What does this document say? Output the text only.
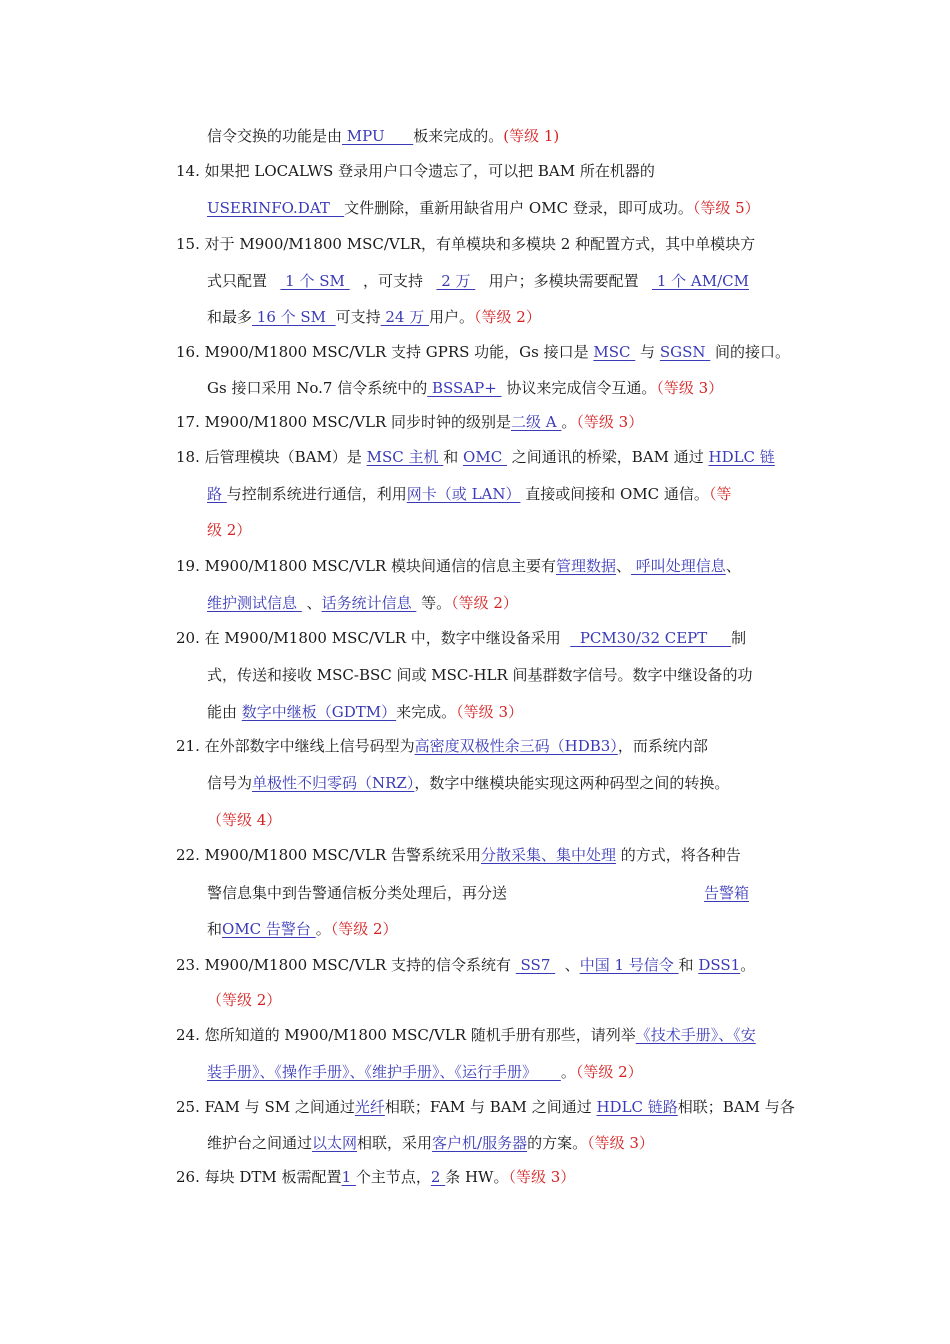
信令交换的功能是由 MPU      板来完成的。(等级 1)
14. 如果把 LOCALWS 登录用户口令遗忘了，可以把 BAM 所在机器的
USERINFO.DAT   文件删除，重新用缺省用户 OMC 登录，即可成功。（等级 5）
15. 对于 M900/M1800 MSC/VLR，有单模块和多模块 2 种配置方式，其中单模块方
式只配置 1 个 SM ，可支持 2 万 用户；多模块需要配置 1 个 AM/CM
和最多 16 个 SM  可支持 24 万 用户。（等级 2）
16. M900/M1800 MSC/VLR 支持 GPRS 功能，Gs 接口是 MSC  与 SGSN  间的接口。
Gs 接口采用 No.7 信令系统中的 BSSAP+  协议来完成信令互通。（等级 3）
17. M900/M1800 MSC/VLR 同步时钟的级别是二级 A 。（等级 3）
18. 后管理模块（BAM）是 MSC 主机 和 OMC  之间通讯的桥梁，BAM 通过 HDLC 链
路 与控制系统进行通信，利用网卡（或 LAN） 直接或间接和 OMC 通信。（等
级 2）
19. M900/M1800 MSC/VLR 模块间通信的信息主要有管理数据、 呼叫处理信息、
维护测试信息  、话务统计信息  等。（等级 2）
20. 在 M900/M1800 MSC/VLR 中，数字中继设备采用    PCM30/32 CEPT     制
式，传送和接收 MSC-BSC 间或 MSC-HLR 间基群数字信号。数字中继设备的功
能由 数字中继板（GDTM）来完成。（等级 3）
21. 在外部数字中继线上信号码型为高密度双极性余三码（HDB3），而系统内部
信号为单极性不归零码（NRZ），数字中继模块能实现这两种码型之间的转换。
（等级 4）
22. M900/M1800 MSC/VLR 告警系统采用分散采集、集中处理 的方式，将各种告
警信息集中到告警通信板分类处理后，再分送	告警箱
和OMC 告警台 。（等级 2）
23. M900/M1800 MSC/VLR 支持的信令系统有  SS7   、中国 1 号信令 和 DSS1。
（等级 2）
24. 您所知道的 M900/M1800 MSC/VLR 随机手册有那些，请列举《技术手册》、《安
装手册》、《操作手册》、《维护手册》、《运行手册》     。（等级 2）
25. FAM 与 SM 之间通过光纤相联；FAM 与 BAM 之间通过 HDLC 链路相联；BAM 与各
维护台之间通过以太网相联，采用客户机/服务器的方案。（等级 3）
26. 每块 DTM 板需配置1 个主节点，2 条 HW。（等级 3）
